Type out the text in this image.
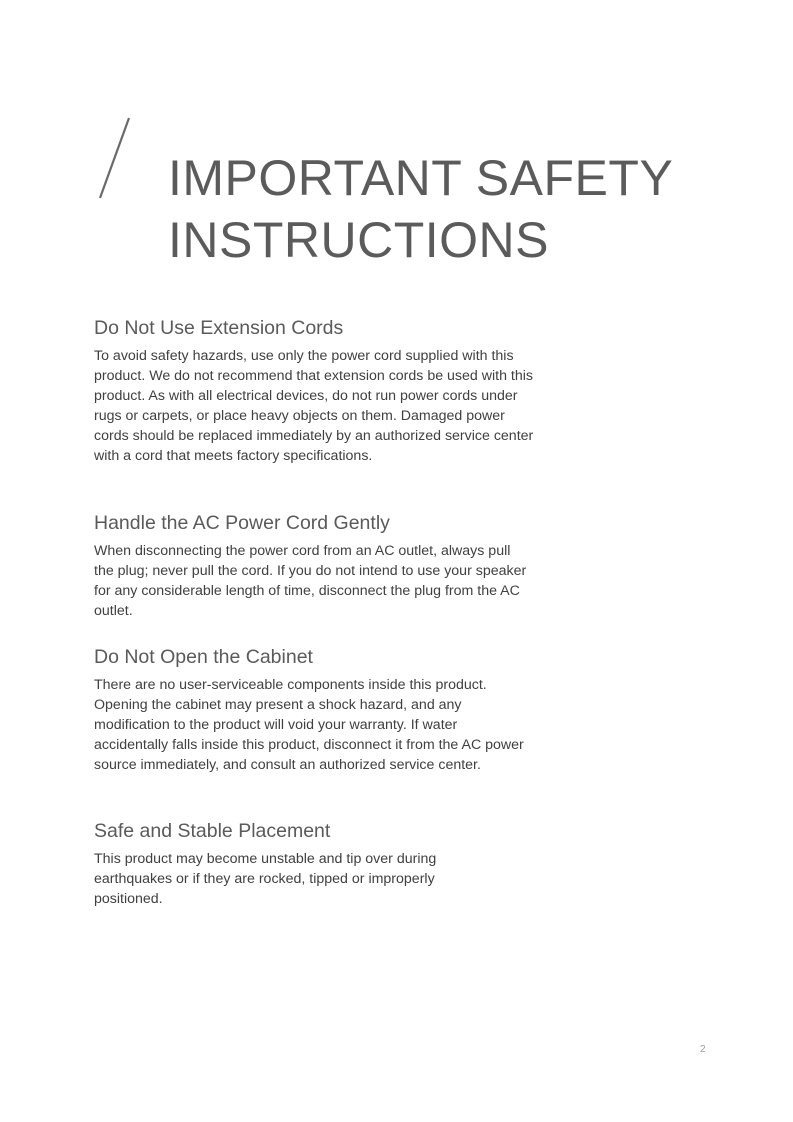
IMPORTANT SAFETY
INSTRUCTIONS
Do Not Use Extension Cords

To avoid safety hazards, use only the power cord supplied with this product. We do not recommend that extension cords be used with this product. As with all electrical devices, do not run power cords under rugs or carpets, or place heavy objects on them. Damaged power cords should be replaced immediately by an authorized service center with a cord that meets factory specifications.

Handle the AC Power Cord Gently

When disconnecting the power cord from an AC outlet, always pull the plug; never pull the cord. If you do not intend to use your speaker for any considerable length of time, disconnect the plug from the AC outlet.

Do Not Open the Cabinet

There are no user-serviceable components inside this product. Opening the cabinet may present a shock hazard, and any modification to the product will void your warranty. If water accidentally falls inside this product, disconnect it from the AC power source immediately, and consult an authorized service center.

Safe and Stable Placement

This product may become unstable and tip over during earthquakes or if they are rocked, tipped or improperly positioned.

2
